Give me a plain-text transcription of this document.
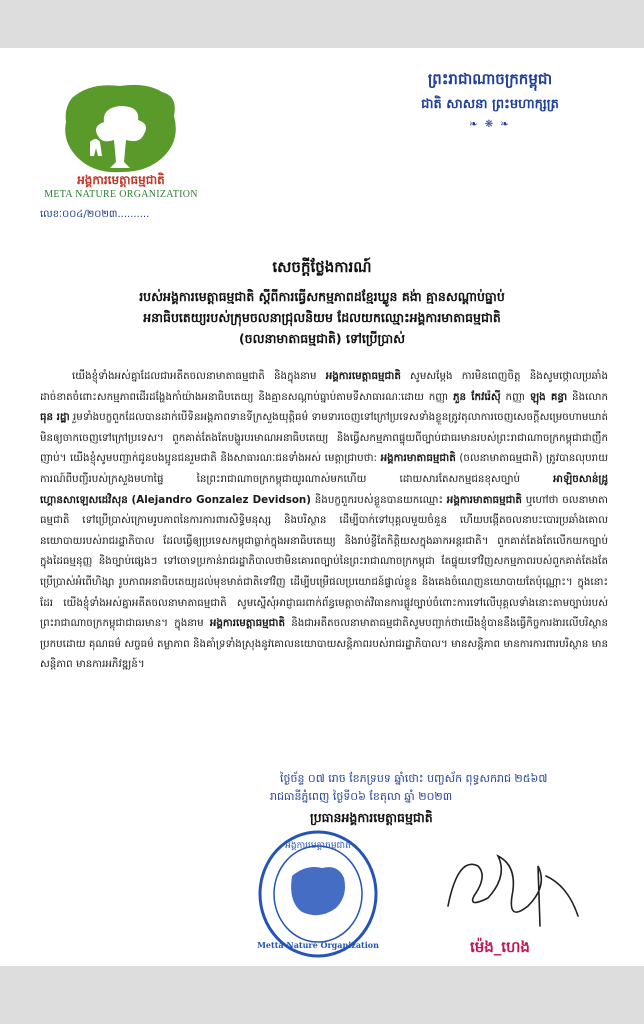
អង្គការមេត្តាធម្មជាតិ
META NATURE ORGANIZATION
លេខៈ០០៤/២០២៣..........
ព្រះរាជាណាចក្រកម្ពុជា
ជាតិ សាសនា ព្រះមហាក្សត្រ
❧ ❋ ❧
សេចក្តីថ្លែងការណ៍
របស់អង្គការមេត្តាធម្មជាតិ ស្តីពីការធ្វើសកម្មភាពដខ្មែរឃ្លូន គង់ា គ្មានសណ្តាប់ធ្នាប់
អនាធិបតេយ្យរបស់ក្រុមចលនាជ្រុលនិយម ដែលយកឈ្មោះអង្គការមាតាធម្មជាតិ
(ចលនាមាតាធម្មជាតិ) ទៅប្រើប្រាស់

យើងខ្ញុំទាំងអស់គ្នាដែលជាអតីតចលនាមាតាធម្មជាតិ និងក្នុងនាម អង្គការមេត្តាធម្មជាតិ សូមសម្តែង ការមិនពេញចិត្ត និងសូមថ្កោលប្រឆាំងដាច់ខាតចំពោះសកម្មភាពដើរដង្ហែងកាំយ៉ាងអនាធិបតេយ្យ និងគ្មានសណ្តាប់ធ្នាប់តាមទីសាធារណៈដោយ កញ្ញា ភួន កែវរ៉េស៊ី កញ្ញា ឡុង គន្ធា និងលោក ធុន រដ្ឋា រួមទាំងបក្ខពួកដែលបានដាក់បើទិនអង្គភាពទានទីក្រសួងយុត្តិធម៌ ទាមទារចេញទៅក្រៅប្រទេសទាំងខ្លួនត្រូវតុលាការចេញសេចក្តីសម្រេចហាមឃាត់មិនឲ្យចាកចេញទៅក្រៅប្រទេស។ ពួកគាត់តែងតែបង្ហូរបរមាណអនាធិបតេយ្យ និងធ្វើសកម្មភាពផ្ទុយពីច្បាប់ជាធរមានរបស់ព្រះរាជាណាចក្រកម្ពុជាជាញឹកញាប់។ យើងខ្ញុំសូមបញ្ជាក់ជូនបងប្អូនជនរួមជាតិ និងសាធារណៈជនទាំងអស់ មេត្តាជ្រាបថា: អង្គការមាតាធម្មជាតិ (ចលនាមាតាធម្មជាតិ) ត្រូវបានលុបរាយការណ៍ពីបញ្ជីរបស់ក្រសួងមហាផ្ទៃ នៃព្រះរាជាណាចក្រកម្ពុជាយូរណាស់មកហើយ ដោយសារតែសកម្មជនខុសច្បាប់ អាឡិចសាន់ដ្រូ ហ្គោនសាឡេសដេវិសុន (Alejandro Gonzalez Devidson) និងបក្ខពួករបស់ខ្លួនបានយកឈ្មោះ អង្គការមាតាធម្មជាតិ ឬហៅថា ចលនាមាតាធម្មជាតិ ទៅប្រើប្រាស់ក្រោមរូបភាពនៃការការពារសិទ្ធិមនុស្ស និងបរិស្ថាន ដើម្បីបាក់ទៅបុគ្គលមួយចំនួន ហើយបង្កើតចលនាបះបោរប្រឆាំងគោលនយោបាយរបស់រាជរដ្ឋាភិបាល ដែលធ្វើឲ្យប្រទេសកម្ពុជាធ្លាក់ក្នុងអនាធិបតេយ្យ និងរាប់ខ្ចីតែកិត្តិយសក្នុងឆាកអន្តរជាតិ។ ពួកគាត់តែងតែលើកយកច្បាប់ក្នុងដៃធម្មនុញ្ញ និងច្បាប់ផ្សេងៗ ទៅចោទប្រកាន់រាជរដ្ឋាភិបាលថាមិនគោរពច្បាប់នៃព្រះរាជាណាចក្រកម្ពុជា តែផ្ទុយទៅវិញសកម្មភាពរបស់ពួកគាត់តែងតែប្រើប្រាស់អំពើហិង្សា រូបភាពអនាធិបតេយ្យដល់មុខមាត់ជាតិទៅវិញ ដើម្បីបម្រើផលប្រយោជន៍ផ្ទាល់ខ្លួន និងគេងចំណេញនយោបាយតែប៉ុណ្ណោះ។ ក្នុងនោះដែរ យើងខ្ញុំទាំងអស់គ្នាអតីតចលនាមាតាធម្មជាតិ សូមស្នើសុំអាជ្ញាធរពាក់ព័ន្ធមេត្តាចាត់វិធានការផ្លូវច្បាប់ចំពោះការទៅលើបុគ្គលទាំងនោះតាមច្បាប់របស់ព្រះរាជាណាចក្រកម្ពុជាជាធរមាន។ ក្នុងនាម អង្គការមេត្តាធម្មជាតិ និងជាអតីតចលនាមាតាធម្មជាតិសូមបញ្ជាក់ថាយើងខ្ញុំបាននឹងធ្វើកិច្ចការងារលើបរិស្ថានប្រកបដោយ គុណធម៌ សច្ចធម៌ តម្លាភាព និងគាំទ្រទាំងស្រុងនូវគោលនយោបាយសន្តិភាពរបស់រាជរដ្ឋាភិបាល។ មានសន្តិភាព មានការការពារបរិស្ថាន មានសន្តិភាព មានការអភិវឌ្ឍន៍។

ថ្ងៃច័ន្ទ ០៧ រោច ខែភទ្របទ ឆ្នាំថោះ បញ្ចស័ក ពុទ្ធសករាជ ២៥៦៧
រាជធានីភ្នំពេញ ថ្ងៃទី០៦ ខែតុលា ឆ្នាំ ២០២៣
ប្រធានអង្គការមេត្តាធម្មជាតិ
អង្គការមេត្តាធម្មជាតិ
Metta Nature Organization	ម៉េង_ហេង
